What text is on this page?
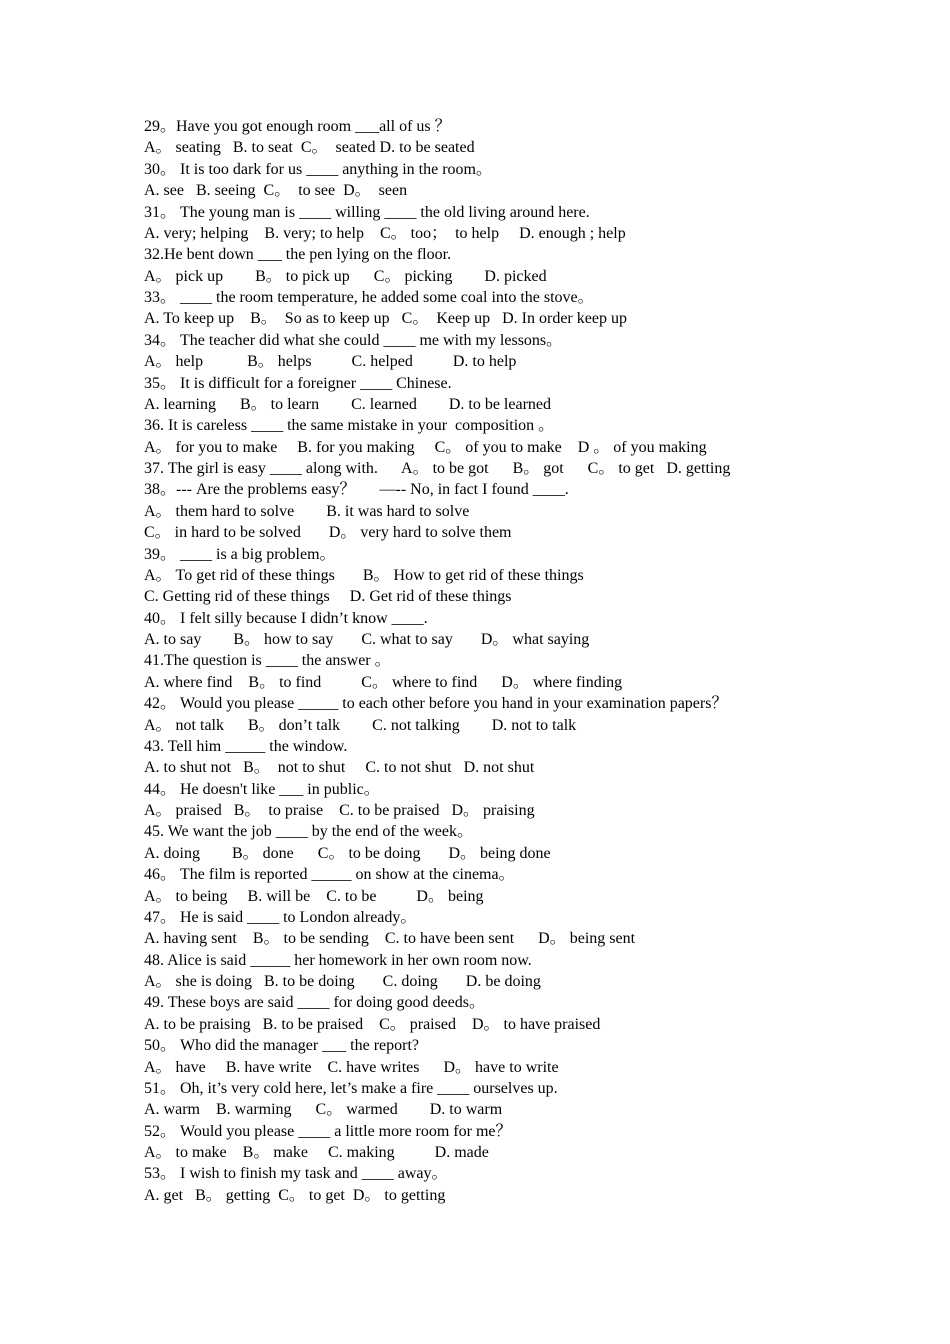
29。Have you got enough room ___all of us ？
A。 seating   B. to seat  C。  seated D. to be seated
30。 It is too dark for us ____ anything in the room。
A. see   B. seeing  C。  to see  D。  seen
31。 The young man is ____ willing ____ the old living around here.
A. very; helping    B. very; to help    C。 too；  to help     D. enough ; help
32.He bent down ___ the pen lying on the floor.
A。 pick up        B。 to pick up      C。 picking        D. picked
33。 ____ the room temperature, he added some coal into the stove。
A. To keep up    B。  So as to keep up   C。  Keep up   D. In order keep up
34。 The teacher did what she could ____ me with my lessons。
A。 help           B。 helps          C. helped          D. to help
35。 It is difficult for a foreigner ____ Chinese.
A. learning      B。 to learn        C. learned        D. to be learned
36. It is careless ____ the same mistake in your  composition 。
A。 for you to make     B. for you making     C。 of you to make    D 。 of you making
37. The girl is easy ____ along with.      A。 to be got      B。 got      C。 to get   D. getting
38。--- Are the problems easy？      —-- No, in fact I found ____.
A。 them hard to solve        B. it was hard to solve
C。 in hard to be solved       D。 very hard to solve them
39。 ____ is a big problem。
A。 To get rid of these things       B。 How to get rid of these things
C. Getting rid of these things     D. Get rid of these things
40。 I felt silly because I didn’t know ____.
A. to say        B。 how to say       C. what to say       D。 what saying
41.The question is ____ the answer 。
A. where find    B。 to find          C。 where to find      D。 where finding
42。 Would you please _____ to each other before you hand in your examination papers？
A。 not talk      B。 don’t talk        C. not talking        D. not to talk
43. Tell him _____ the window.
A. to shut not   B。  not to shut     C. to not shut   D. not shut
44。 He doesn't like ___ in public。
A。 praised   B。  to praise    C. to be praised   D。 praising
45. We want the job ____ by the end of the week。
A. doing        B。 done      C。 to be doing       D。 being done
46。 The film is reported _____ on show at the cinema。
A。 to being     B. will be    C. to be          D。 being
47。 He is said ____ to London already。
A. having sent    B。 to be sending    C. to have been sent      D。 being sent
48. Alice is said _____ her homework in her own room now.
A。 she is doing   B. to be doing       C. doing       D. be doing
49. These boys are said ____ for doing good deeds。
A. to be praising   B. to be praised    C。 praised    D。 to have praised
50。 Who did the manager ___ the report?
A。 have     B. have write    C. have writes      D。 have to write
51。 Oh, it’s very cold here, let’s make a fire ____ ourselves up.
A. warm    B. warming      C。 warmed        D. to warm
52。 Would you please ____ a little more room for me？
A。 to make    B。 make     C. making          D. made
53。 I wish to finish my task and ____ away。
A. get   B。 getting  C。 to get  D。 to getting
